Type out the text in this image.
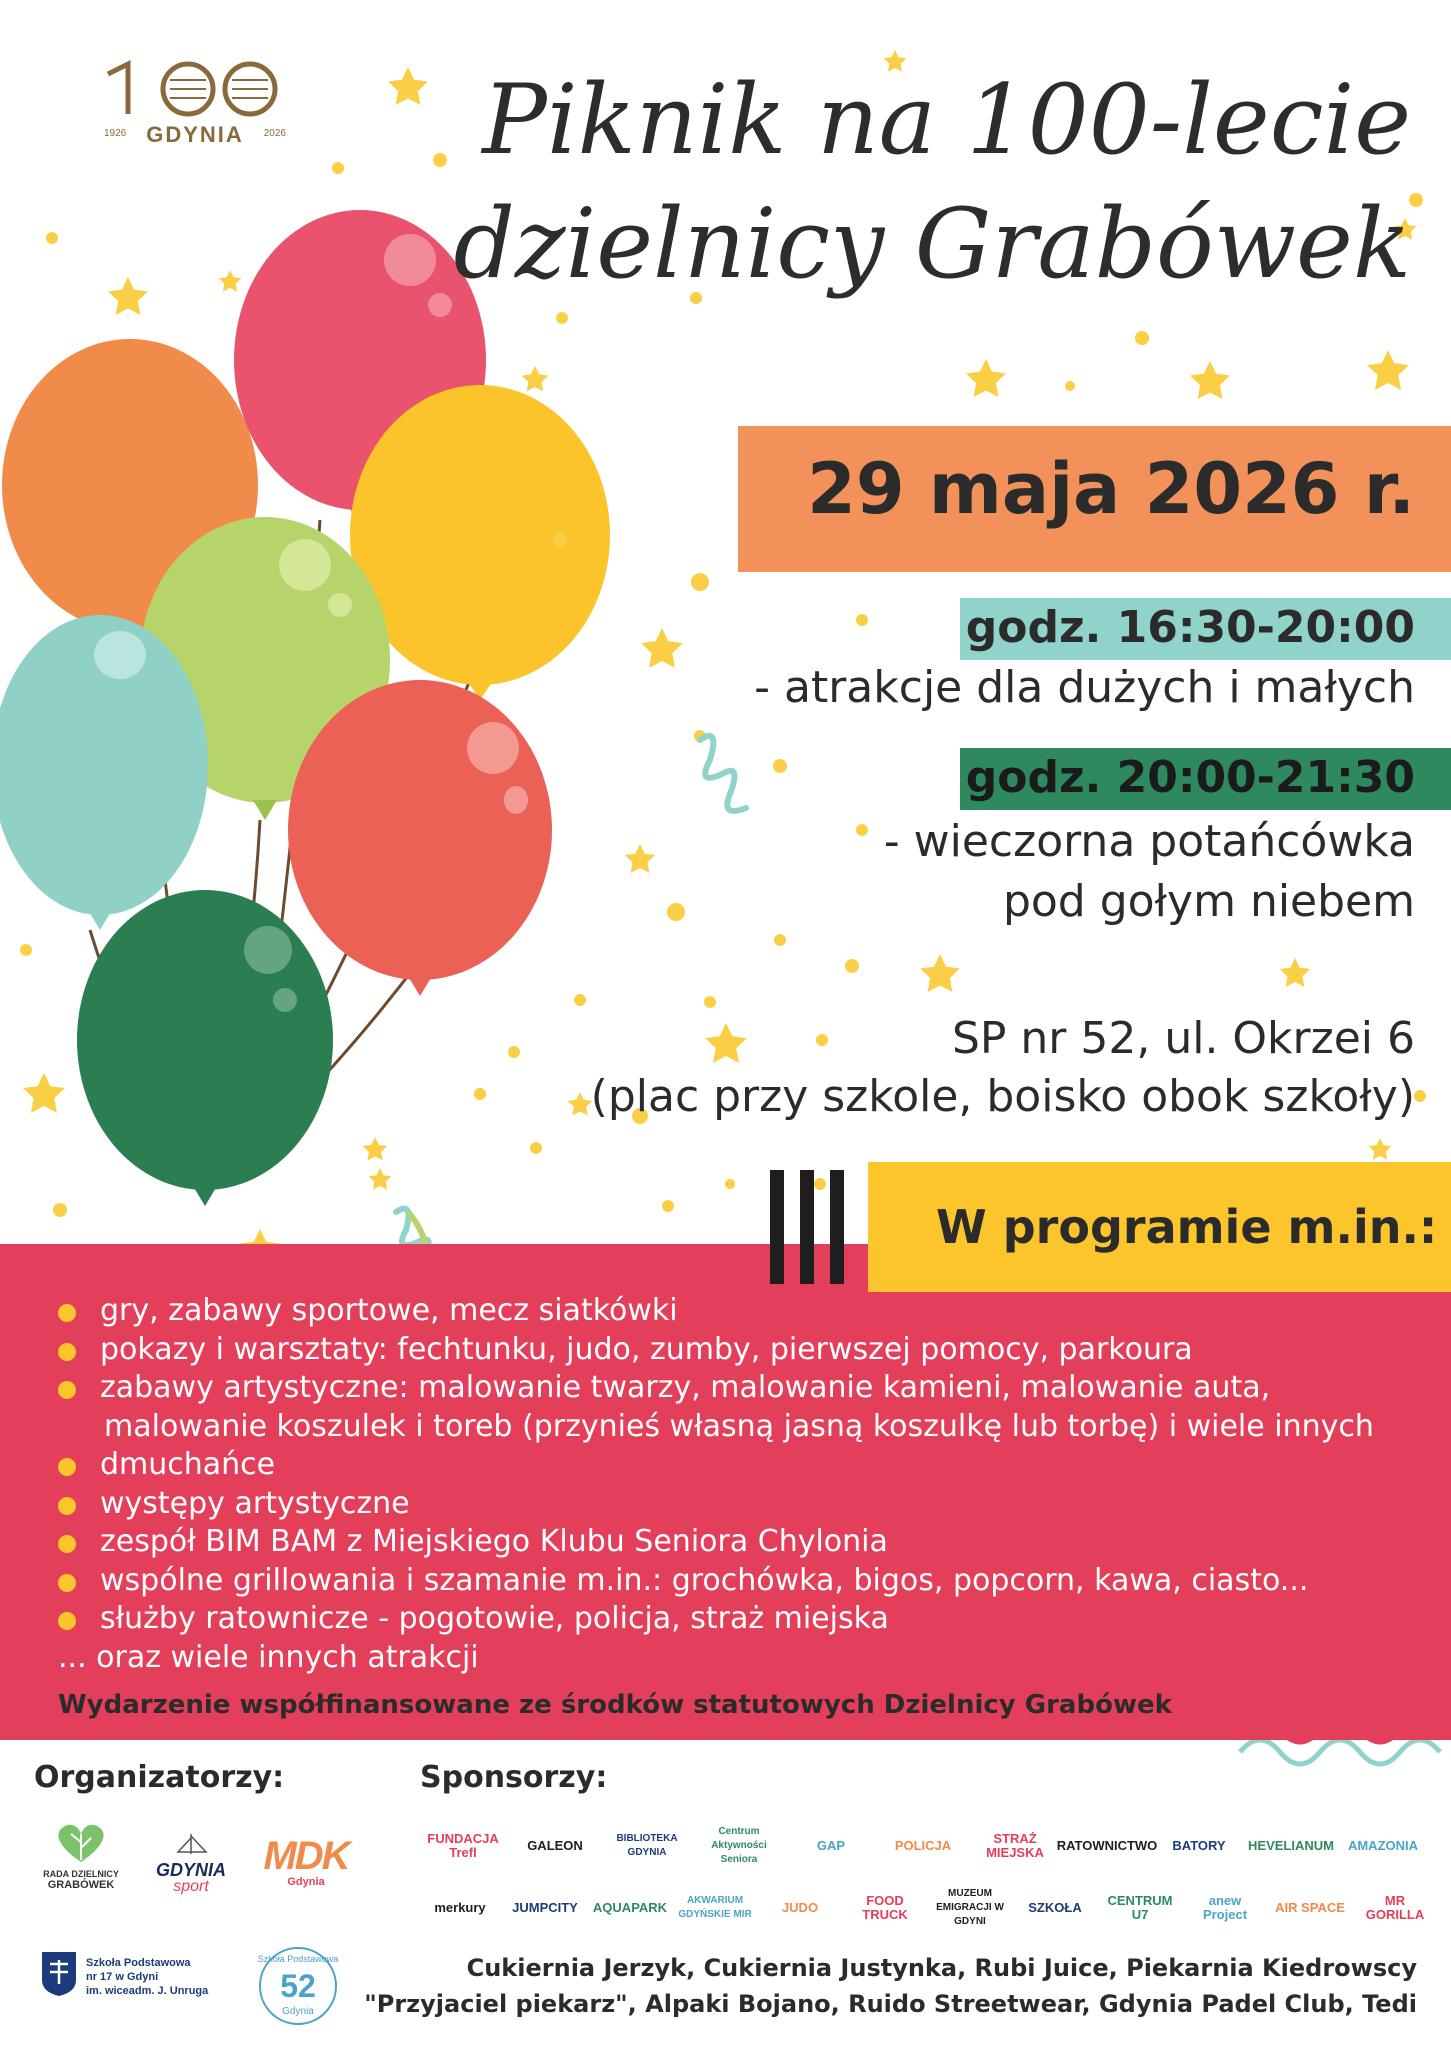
1926 GDYNIA	2026	Piknik na 100-lecie
dzielnicy Grabówek
29 maja 2026 r.
godz. 16:30-20:00
- atrakcje dla dużych i małych
godz. 20:00-21:30
- wieczorna potańcówka
pod gołym niebem
SP nr 52, ul. Okrzei 6
(plac przy szkole, boisko obok szkoły)
W programie m.in.:
gry, zabawy sportowe, mecz siatkówki
pokazy i warsztaty: fechtunku, judo, zumby, pierwszej pomocy, parkoura
zabawy artystyczne: malowanie twarzy, malowanie kamieni, malowanie auta,
malowanie koszulek i toreb (przynieś własną jasną koszulkę lub torbę) i wiele innych
dmuchańce
występy artystyczne
zespół BIM BAM z Miejskiego Klubu Seniora Chylonia
wspólne grillowania i szamanie m.in.: grochówka, bigos, popcorn, kawa, ciasto...
służby ratownicze - pogotowie, policja, straż miejska
... oraz wiele innych atrakcji
Wydarzenie współfinansowane ze środków statutowych Dzielnicy Grabówek
Organizatorzy:
RADA DZIELNICY
GRABÓWEK
GDYNIA
sport
MDK
Gdynia
Szkoła Podstawowa
nr 17 w Gdyni
im. wiceadm. J. Unruga
Szkoła Podstawowa
52
Gdynia
Sponsorzy:
Cukiernia Jerzyk, Cukiernia Justynka, Rubi Juice, Piekarnia Kiedrowscy
"Przyjaciel piekarz", Alpaki Bojano, Ruido Streetwear, Gdynia Padel Club, Tedi
FUNDACJA Trefl	GALEON	BIBLIOTEKA GDYNIA
Centrum Aktywności Seniora
GAP	POLICJA	STRAŻ MIEJSKA RATOWNICTWO	BATORY	HEVELIANUM	AMAZONIA
merkury	JUMPCITY	AQUAPARK	AKWARIUM GDYŃSKIE MIR	JUDO	FOOD TRUCK
MUZEUM EMIGRACJI W GDYNI
SZKOŁA	CENTRUM U7
anew Project	AIR SPACE	MR GORILLA
